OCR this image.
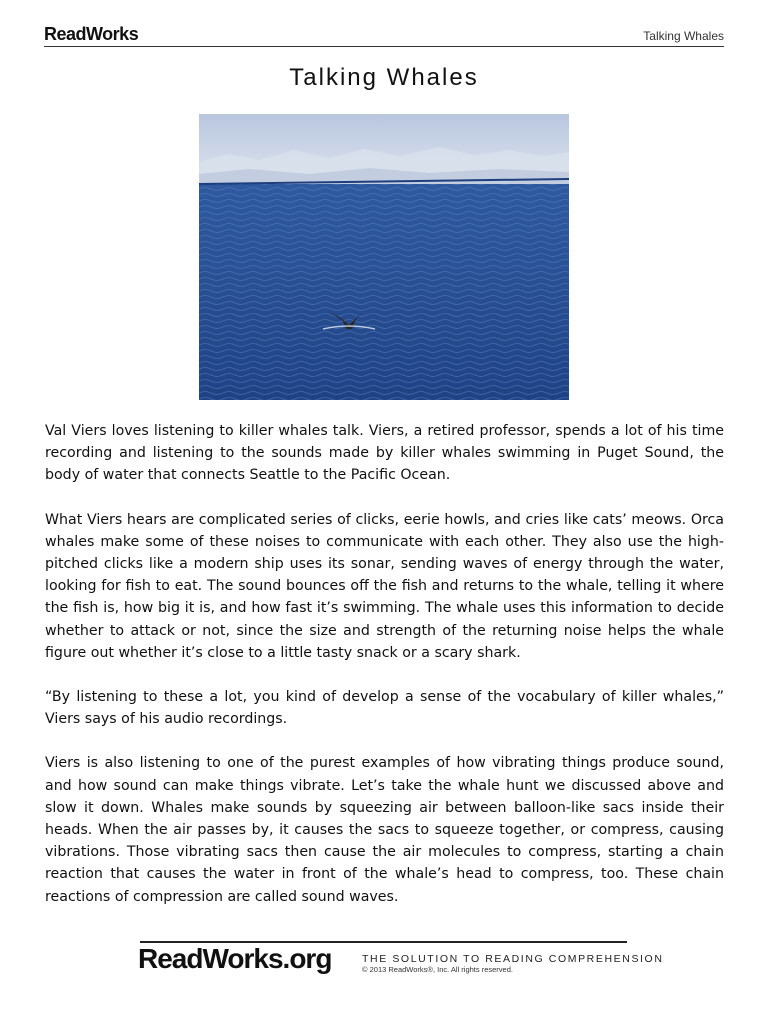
ReadWorks	Talking Whales
Talking Whales

Val Viers loves listening to killer whales talk. Viers, a retired professor, spends a lot of his time recording and listening to the sounds made by killer whales swimming in Puget Sound, the body of water that connects Seattle to the Pacific Ocean.

What Viers hears are complicated series of clicks, eerie howls, and cries like cats’ meows. Orca whales make some of these noises to communicate with each other. They also use the high-pitched clicks like a modern ship uses its sonar, sending waves of energy through the water, looking for fish to eat. The sound bounces off the fish and returns to the whale, telling it where the fish is, how big it is, and how fast it’s swimming. The whale uses this information to decide whether to attack or not, since the size and strength of the returning noise helps the whale figure out whether it’s close to a little tasty snack or a scary shark.

“By listening to these a lot, you kind of develop a sense of the vocabulary of killer whales,” Viers says of his audio recordings.

Viers is also listening to one of the purest examples of how vibrating things produce sound, and how sound can make things vibrate. Let’s take the whale hunt we discussed above and slow it down. Whales make sounds by squeezing air between balloon-like sacs inside their heads. When the air passes by, it causes the sacs to squeeze together, or compress, causing vibrations. Those vibrating sacs then cause the air molecules to compress, starting a chain reaction that causes the water in front of the whale’s head to compress, too. These chain reactions of compression are called sound waves.

ReadWorks.org	THE SOLUTION TO READING COMPREHENSION
© 2013 ReadWorks®, Inc. All rights reserved.
